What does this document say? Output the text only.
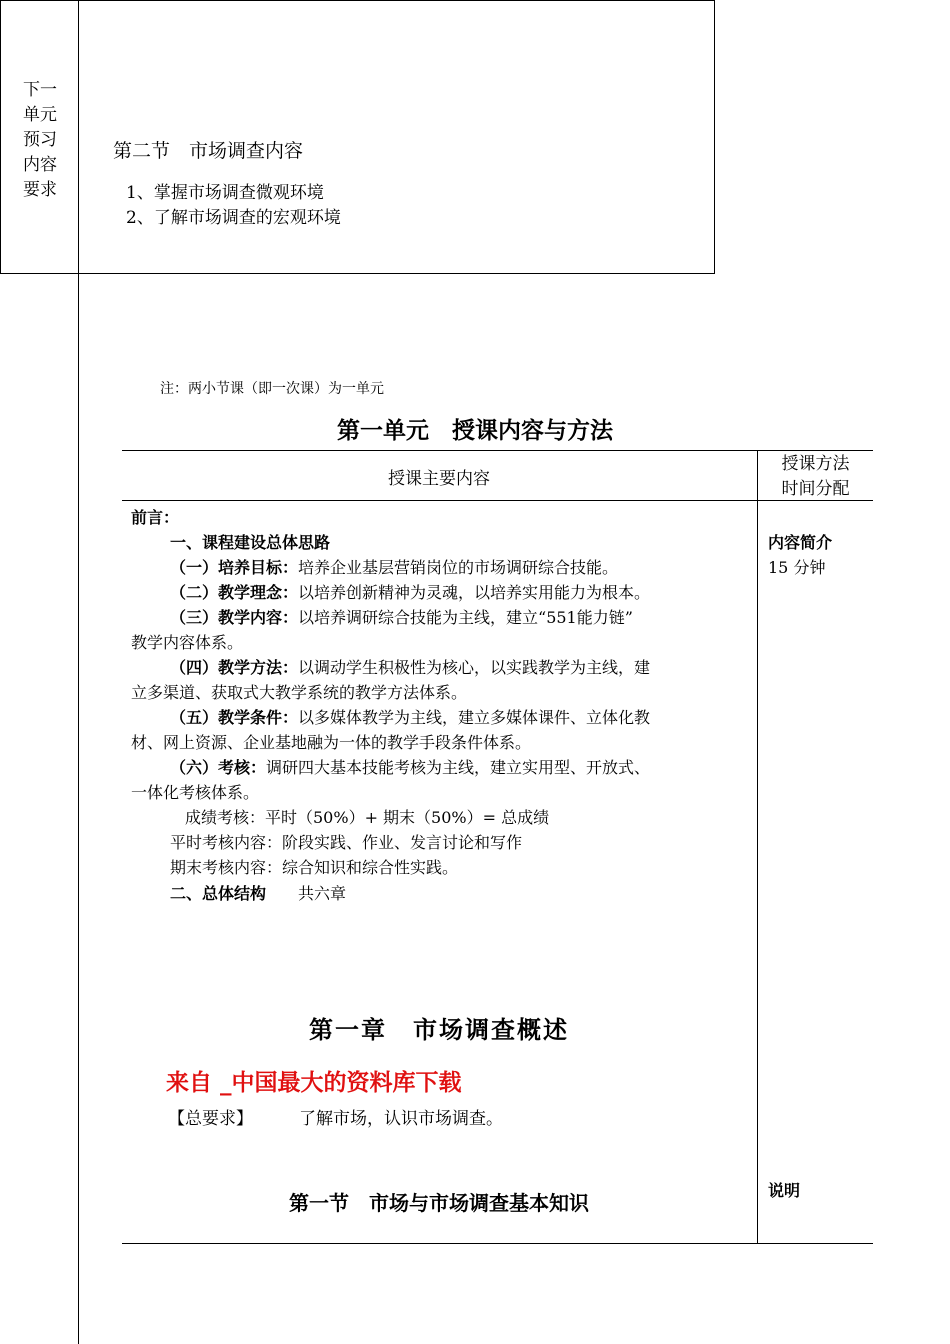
下一单元预习内容要求
第二节　市场调查内容
1、掌握市场调查微观环境
2、了解市场调查的宏观环境
注：两小节课（即一次课）为一单元
第一单元　授课内容与方法
授课主要内容
授课方法
时间分配
前言：
一、课程建设总体思路
（一）培养目标：培养企业基层营销岗位的市场调研综合技能。
（二）教学理念：以培养创新精神为灵魂，以培养实用能力为根本。
（三）教学内容：以培养调研综合技能为主线，建立“551能力链”
教学内容体系。
（四）教学方法：以调动学生积极性为核心，以实践教学为主线，建
立多渠道、获取式大教学系统的教学方法体系。
（五）教学条件：以多媒体教学为主线，建立多媒体课件、立体化教
材、网上资源、企业基地融为一体的教学手段条件体系。
（六）考核：调研四大基本技能考核为主线，建立实用型、开放式、
一体化考核体系。
成绩考核：平时（50%）+ 期末（50%）= 总成绩
平时考核内容：阶段实践、作业、发言讨论和写作
期末考核内容：综合知识和综合性实践。
二、总体结构 共六章
第一章　市场调查概述
来自 _中国最大的资料库下载
【总要求】	了解市场，认识市场调查。
第一节　市场与市场调查基本知识
内容简介
15 分钟
说明
